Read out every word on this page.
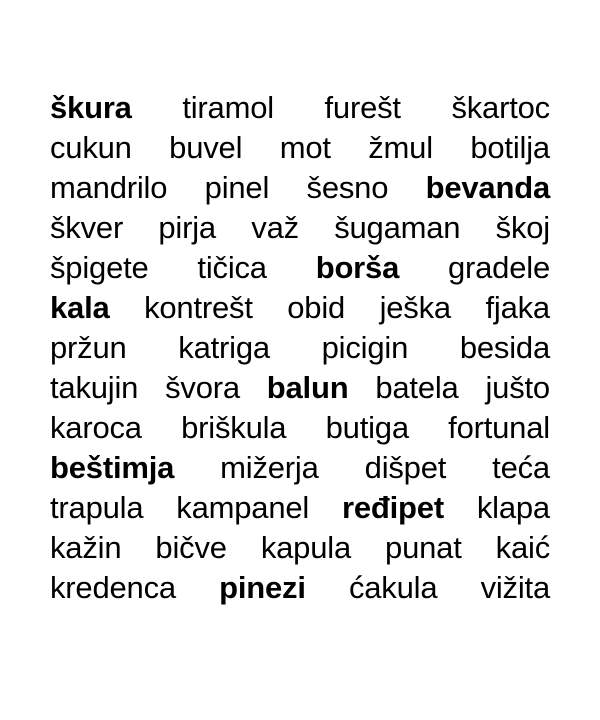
škura tiramol furešt škartoc
cukun buvel mot žmul botilja
mandrilo pinel šesno bevanda
škver pirja važ šugaman škoj
špigete tičica borša gradele
kala kontrešt obid ješka fjaka
pržun katriga picigin besida
takujin švora balun batela jušto
karoca briškula butiga fortunal
beštimja mižerja dišpet teća
trapula kampanel ređipet klapa
kažin bičve kapula punat kaić
kredenca pinezi ćakula vižita
